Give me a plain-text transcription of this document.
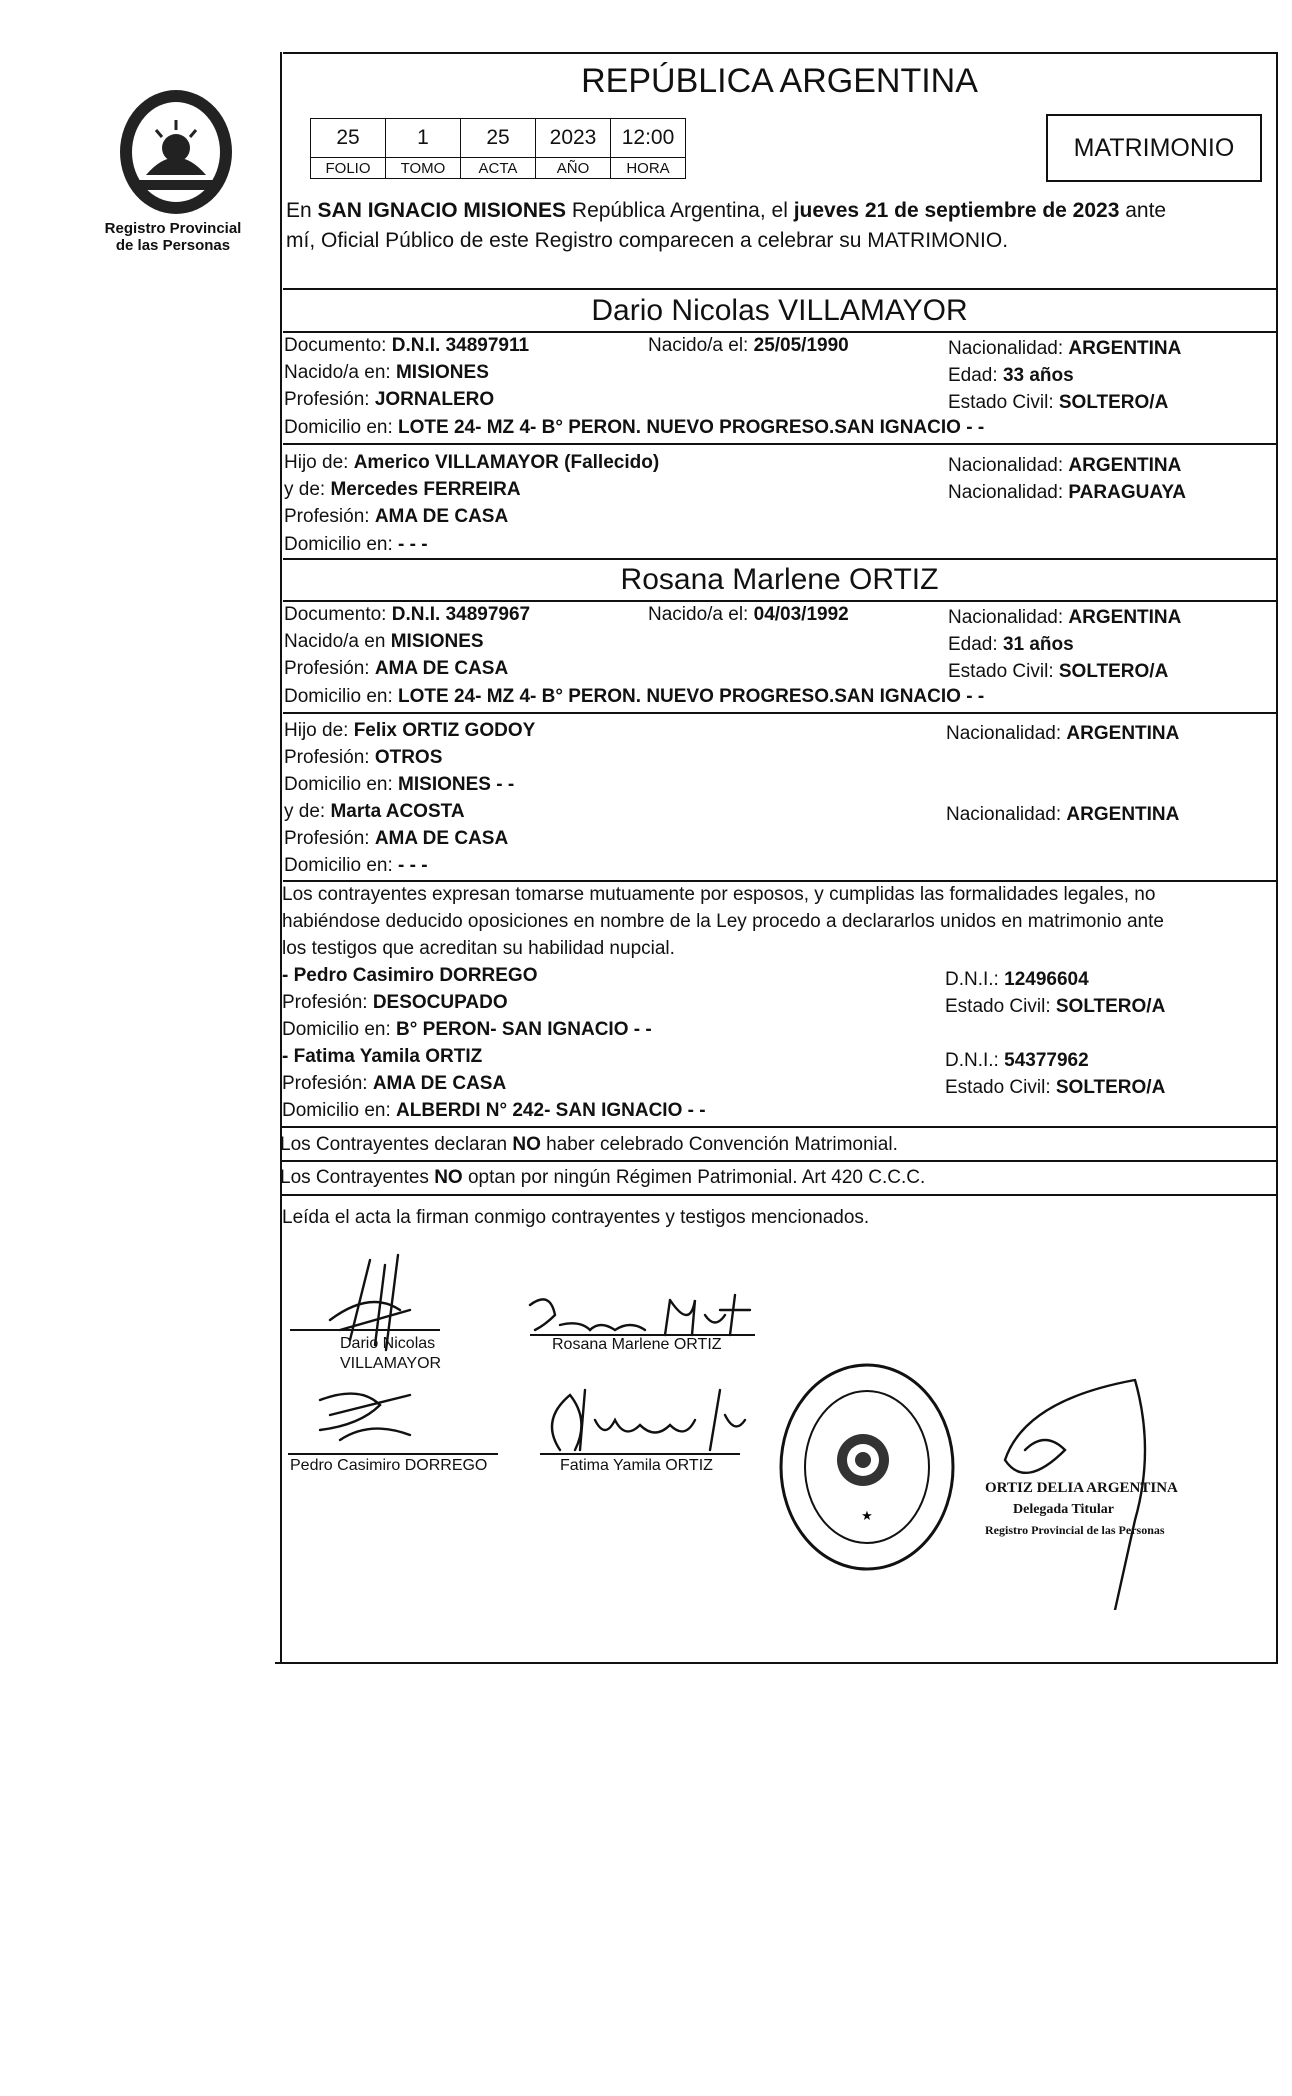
Registro Provincial
de las Personas
REPÚBLICA ARGENTINA
25	1	25	2023	12:00
FOLIO	TOMO	ACTA	AÑO	HORA
MATRIMONIO
En SAN IGNACIO MISIONES República Argentina, el jueves 21 de septiembre de 2023 ante
mí, Oficial Público de este Registro comparecen a celebrar su MATRIMONIO.
Dario Nicolas VILLAMAYOR
Documento: D.N.I. 34897911	Nacido/a el: 25/05/1990	Nacionalidad: ARGENTINA
Nacido/a en: MISIONES	Edad: 33 años
Profesión: JORNALERO	Estado Civil: SOLTERO/A
Domicilio en: LOTE 24- MZ 4- B° PERON. NUEVO PROGRESO.SAN IGNACIO - -
Hijo de: Americo VILLAMAYOR (Fallecido)	Nacionalidad: ARGENTINA
y de: Mercedes FERREIRA	Nacionalidad: PARAGUAYA
Profesión: AMA DE CASA
Domicilio en: - - -
Rosana Marlene ORTIZ
Documento: D.N.I. 34897967	Nacido/a el: 04/03/1992	Nacionalidad: ARGENTINA
Nacido/a en MISIONES	Edad: 31 años
Profesión: AMA DE CASA	Estado Civil: SOLTERO/A
Domicilio en: LOTE 24- MZ 4- B° PERON. NUEVO PROGRESO.SAN IGNACIO - -
Hijo de: Felix ORTIZ GODOY	Nacionalidad: ARGENTINA
Profesión: OTROS
Domicilio en: MISIONES - -
y de: Marta ACOSTA	Nacionalidad: ARGENTINA
Profesión: AMA DE CASA
Domicilio en: - - -
Los contrayentes expresan tomarse mutuamente por esposos, y cumplidas las formalidades legales, no
habiéndose deducido oposiciones en nombre de la Ley procedo a declararlos unidos en matrimonio ante
los testigos que acreditan su habilidad nupcial.
- Pedro Casimiro DORREGO	D.N.I.: 12496604
Profesión: DESOCUPADO	Estado Civil: SOLTERO/A
Domicilio en: B° PERON- SAN IGNACIO - -
- Fatima Yamila ORTIZ	D.N.I.: 54377962
Profesión: AMA DE CASA	Estado Civil: SOLTERO/A
Domicilio en: ALBERDI N° 242- SAN IGNACIO - -
Los Contrayentes declaran NO haber celebrado Convención Matrimonial.
Los Contrayentes NO optan por ningún Régimen Patrimonial. Art 420 C.C.C.
Leída el acta la firman conmigo contrayentes y testigos mencionados.
Dario Nicolas
VILLAMAYOR
Rosana Marlene ORTIZ
Pedro Casimiro DORREGO	Fatima Yamila ORTIZ
★
ORTIZ DELIA ARGENTINA
Delegada Titular
Registro Provincial de las Personas
